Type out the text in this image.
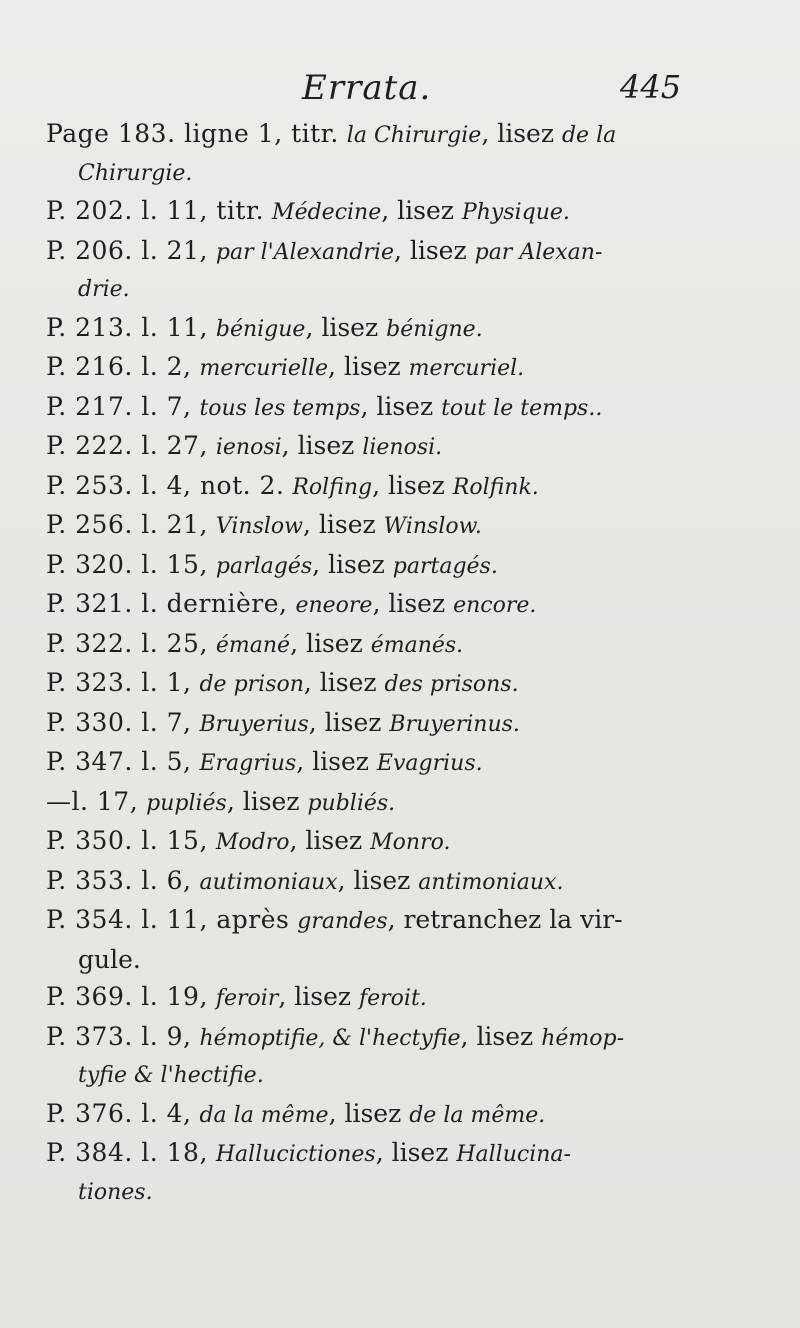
Errata.	445
Page 183. ligne 1, titr. la Chirurgie, lisez de la
Chirurgie.
P. 202. l. 11, titr. Médecine, lisez Physique.
P. 206. l. 21, par l'Alexandrie, lisez par Alexan-
drie.
P. 213. l. 11, bénigue, lisez bénigne.
P. 216. l. 2, mercurielle, lisez mercuriel.
P. 217. l. 7, tous les temps, lisez tout le temps..
P. 222. l. 27, ienosi, lisez lienosi.
P. 253. l. 4, not. 2. Rolfing, lisez Rolfink.
P. 256. l. 21, Vinslow, lisez Winslow.
P. 320. l. 15, parlagés, lisez partagés.
P. 321. l. dernière, eneore, lisez encore.
P. 322. l. 25, émané, lisez émanés.
P. 323. l. 1, de prison, lisez des prisons.
P. 330. l. 7, Bruyerius, lisez Bruyerinus.
P. 347. l. 5, Eragrius, lisez Evagrius.
—l. 17, pupliés, lisez publiés.
P. 350. l. 15, Modro, lisez Monro.
P. 353. l. 6, autimoniaux, lisez antimoniaux.
P. 354. l. 11, après grandes, retranchez la vir-
gule.
P. 369. l. 19, feroir, lisez feroit.
P. 373. l. 9, hémoptifie, & l'hectyfie, lisez hémop-
tyfie & l'hectifie.
P. 376. l. 4, da la même, lisez de la même.
P. 384. l. 18, Hallucictiones, lisez Hallucina-
tiones.
